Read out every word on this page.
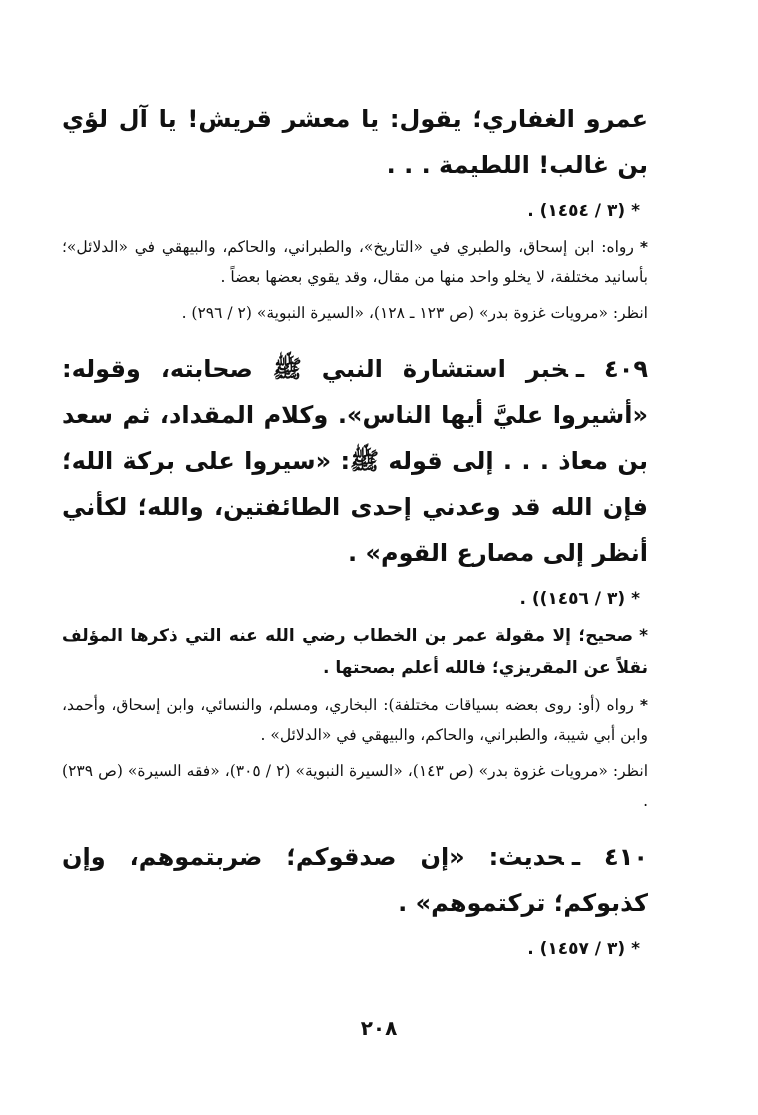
عمرو الغفاري؛ يقول: يا معشر قريش! يا آل لؤي بن غالب! اللطيمة . . .

*(٣ / ١٤٥٤) .

*رواه: ابن إسحاق، والطبري في «التاريخ»، والطبراني، والحاكم، والبيهقي في «الدلائل»؛ بأسانيد مختلفة، لا يخلو واحد منها من مقال، وقد يقوي بعضها بعضاً .

انظر: «مرويات غزوة بدر» (ص ١٢٣ ـ ١٢٨)، «السيرة النبوية» (٢ / ٢٩٦) .

٤٠٩ ـخبر استشارة النبي ﷺ صحابته، وقوله: «أشيروا عليَّ أيها الناس». وكلام المقداد، ثم سعد بن معاذ . . . إلى قوله ﷺ: «سيروا على بركة الله؛ فإن الله قد وعدني إحدى الطائفتين، والله؛ لكأني أنظر إلى مصارع القوم» .

*(٣ / ١٤٥٦)) .

*صحيح؛ إلا مقولة عمر بن الخطاب رضي الله عنه التي ذكرها المؤلف نقلاً عن المقريزي؛ فالله أعلم بصحتها .

*رواه (أو: روى بعضه بسياقات مختلفة): البخاري، ومسلم، والنسائي، وابن إسحاق، وأحمد، وابن أبي شيبة، والطبراني، والحاكم، والبيهقي في «الدلائل» .

انظر: «مرويات غزوة بدر» (ص ١٤٣)، «السيرة النبوية» (٢ / ٣٠٥)، «فقه السيرة» (ص ٢٣٩) .

٤١٠ ـحديث: «إن صدقوكم؛ ضربتموهم، وإن كذبوكم؛ تركتموهم» .

*(٣ / ١٤٥٧) .

٢٠٨
